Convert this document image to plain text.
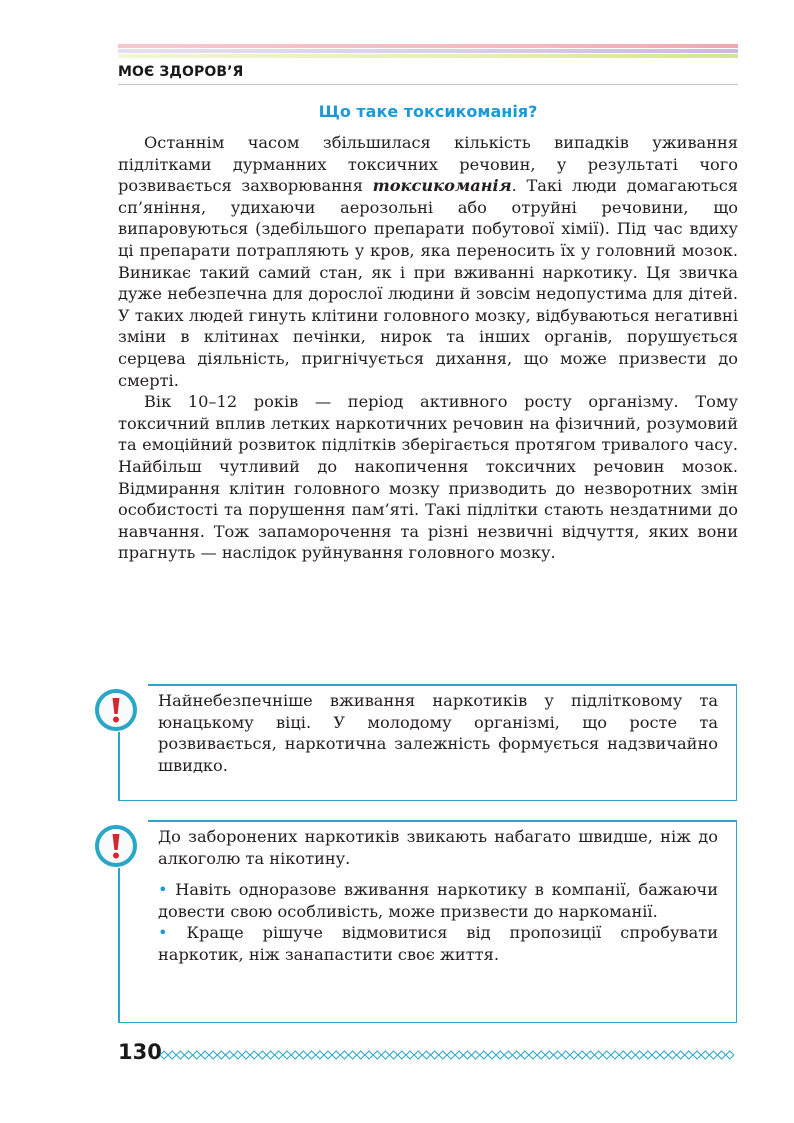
МОЄ ЗДОРОВ’Я
Що таке токсикоманія?

Останнім часом збільшилася кількість випадків уживання підлітками дурманних токсичних речовин, у результаті чого розвивається захворювання токсикоманія. Такі люди домагаються сп’яніння, удихаючи аерозольні або отруйні речовини, що випаровуються (здебільшого препарати побутової хімії). Під час вдиху ці препарати потрапляють у кров, яка переносить їх у головний мозок. Виникає такий самий стан, як і при вживанні наркотику. Ця звичка дуже небезпечна для дорослої людини й зовсім недопустима для дітей. У таких людей гинуть клітини головного мозку, відбуваються негативні зміни в клітинах печінки, нирок та інших органів, порушується серцева діяльність, пригнічується дихання, що може призвести до смерті.

Вік 10–12 років — період активного росту організму. Тому токсичний вплив летких наркотичних речовин на фізичний, розумовий та емоційний розвиток підлітків зберігається протягом тривалого часу. Найбільш чутливий до накопичення токсичних речовин мозок. Відмирання клітин головного мозку призводить до незворотних змін особистості та порушення пам’яті. Такі підлітки стають нездатними до навчання. Тож запаморочення та різні незвичні відчуття, яких вони прагнуть — наслідок руйнування головного мозку.

Найнебезпечніше вживання наркотиків у підлітковому та юнацькому віці. У молодому організмі, що росте та розвивається, наркотична залежність формується надзвичайно швидко.

До заборонених наркотиків звикають набагато швидше, ніж до алкоголю та нікотину.

• Навіть одноразове вживання наркотику в компанії, бажаючи довести свою особливість, може призвести до наркоманії.

• Краще рішуче відмовитися від пропозиції спробувати наркотик, ніж занапастити своє життя.

130
